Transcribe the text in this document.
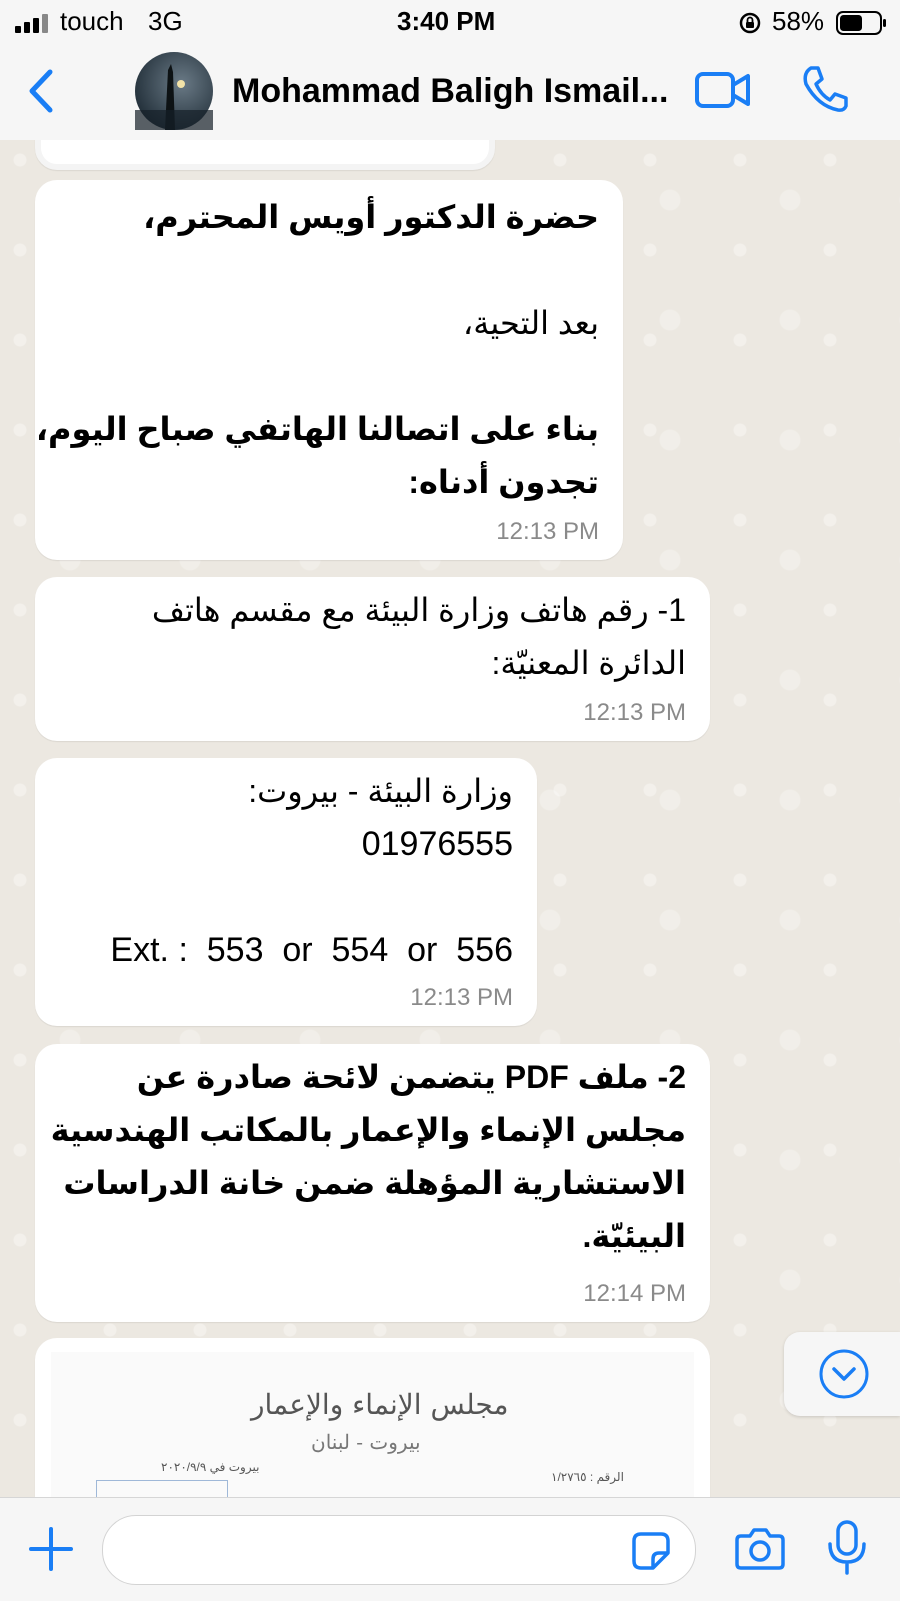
touch 3G	3:40 PM	58%
Mohammad Baligh Ismail...
حضرة الدكتور أويس المحترم،
بعد التحية،
بناء على اتصالنا الهاتفي صباح اليوم،
تجدون أدناه:
12:13 PM
1- رقم هاتف وزارة البيئة مع مقسم هاتف
الدائرة المعنيّة:
12:13 PM
وزارة البيئة - بيروت:
01976555
Ext. :  553  or  554  or  556
12:13 PM
2- ملف PDF يتضمن لائحة صادرة عن
مجلس الإنماء والإعمار بالمكاتب الهندسية
الاستشارية المؤهلة ضمن خانة الدراسات
البيئيّة.
12:14 PM
مجلس الإنماء والإعمار
بيروت - لبنان
بيروت في ٢٠٢٠/٩/٩
الرقم : ١/٢٧٦٥
